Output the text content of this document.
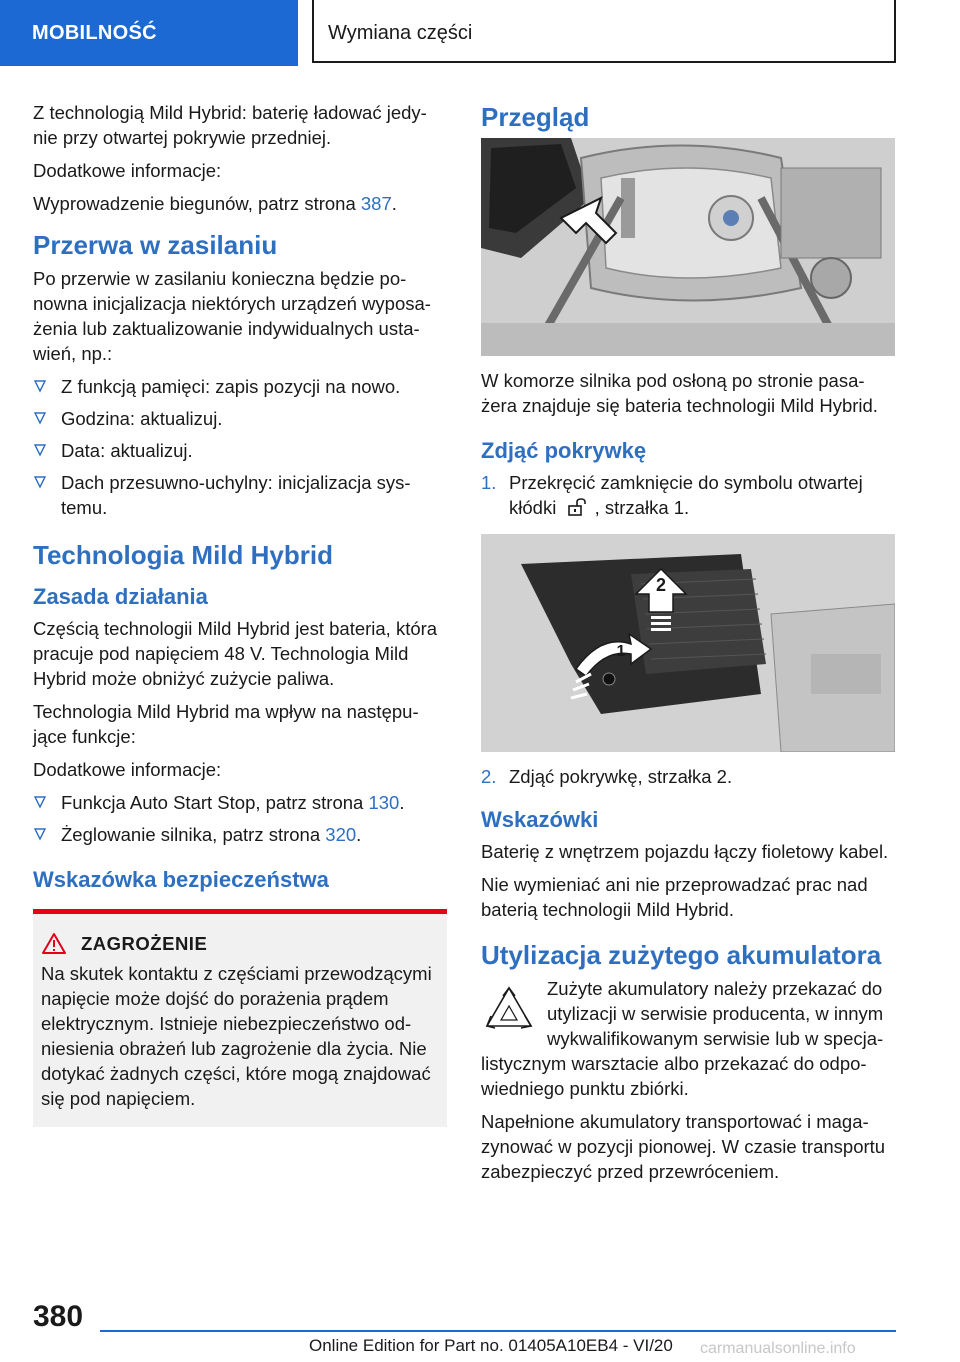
MOBILNOŚĆ	Wymiana części

Z technologią Mild Hybrid: baterię ładować jedy-nie przy otwartej pokrywie przedniej.

Dodatkowe informacje:

Wyprowadzenie biegunów, patrz strona 387.

Przerwa w zasilaniu

Po przerwie w zasilaniu konieczna będzie po-nowna inicjalizacja niektórych urządzeń wyposa-żenia lub zaktualizowanie indywidualnych usta-wień, np.:

Z funkcją pamięci: zapis pozycji na nowo.
Godzina: aktualizuj.
Data: aktualizuj.
Dach przesuwno-uchylny: inicjalizacja sys-temu.
Technologia Mild Hybrid
Zasada działania

Częścią technologii Mild Hybrid jest bateria, która pracuje pod napięciem 48 V. Technologia Mild Hybrid może obniżyć zużycie paliwa.

Technologia Mild Hybrid ma wpływ na następu-jące funkcje:

Dodatkowe informacje:

Funkcja Auto Start Stop, patrz strona 130.
Żeglowanie silnika, patrz strona 320.
Wskazówka bezpieczeństwa
ZAGROŻENIE

Na skutek kontaktu z częściami przewodzącymi napięcie może dojść do porażenia prądem elektrycznym. Istnieje niebezpieczeństwo od-niesienia obrażeń lub zagrożenie dla życia. Nie dotykać żadnych części, które mogą znajdować się pod napięciem.

Przegląd

W komorze silnika pod osłoną po stronie pasa-żera znajduje się bateria technologii Mild Hybrid.

Zdjąć pokrywkę
1. Przekręcić zamknięcie do symbolu otwartej kłódki  , strzałka 1.
2
1
2. Zdjąć pokrywkę, strzałka 2.
Wskazówki

Baterię z wnętrzem pojazdu łączy fioletowy kabel.

Nie wymieniać ani nie przeprowadzać prac nad baterią technologii Mild Hybrid.

Utylizacja zużytego akumulatora

Zużyte akumulatory należy przekazać do utylizacji w serwisie producenta, w innym wykwalifikowanym serwisie lub w specja-listycznym warsztacie albo przekazać do odpo-wiedniego punktu zbiórki.

Napełnione akumulatory transportować i maga-zynować w pozycji pionowej. W czasie transportu zabezpieczyć przed przewróceniem.

380
Online Edition for Part no. 01405A10EB4 - VI/20 carmanualsonline.info
